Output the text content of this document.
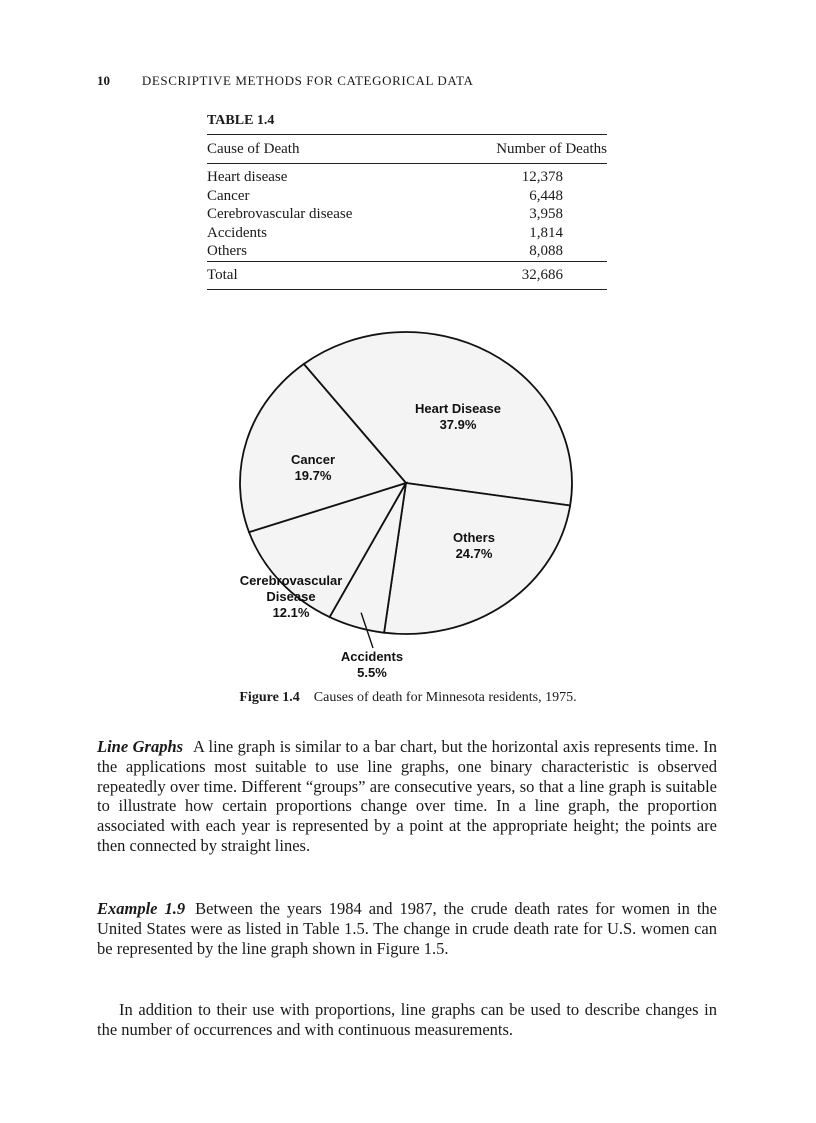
10 DESCRIPTIVE METHODS FOR CATEGORICAL DATA
TABLE 1.4
Cause of Death	Number of Deaths
Heart disease	12,378
Cancer	6,448
Cerebrovascular disease	3,958
Accidents	1,814
Others	8,088
Total	32,686
Heart Disease 37.9%
Others 24.7%
Accidents 5.5%
Cerebrovascular Disease 12.1%
Cancer 19.7%
Figure 1.4 Causes of death for Minnesota residents, 1975.

Line Graphs A line graph is similar to a bar chart, but the horizontal axis represents time. In the applications most suitable to use line graphs, one binary characteristic is observed repeatedly over time. Different “groups” are consecutive years, so that a line graph is suitable to illustrate how certain proportions change over time. In a line graph, the proportion associated with each year is represented by a point at the appropriate height; the points are then connected by straight lines.

Example 1.9 Between the years 1984 and 1987, the crude death rates for women in the United States were as listed in Table 1.5. The change in crude death rate for U.S. women can be represented by the line graph shown in Figure 1.5.

In addition to their use with proportions, line graphs can be used to describe changes in the number of occurrences and with continuous measurements.
